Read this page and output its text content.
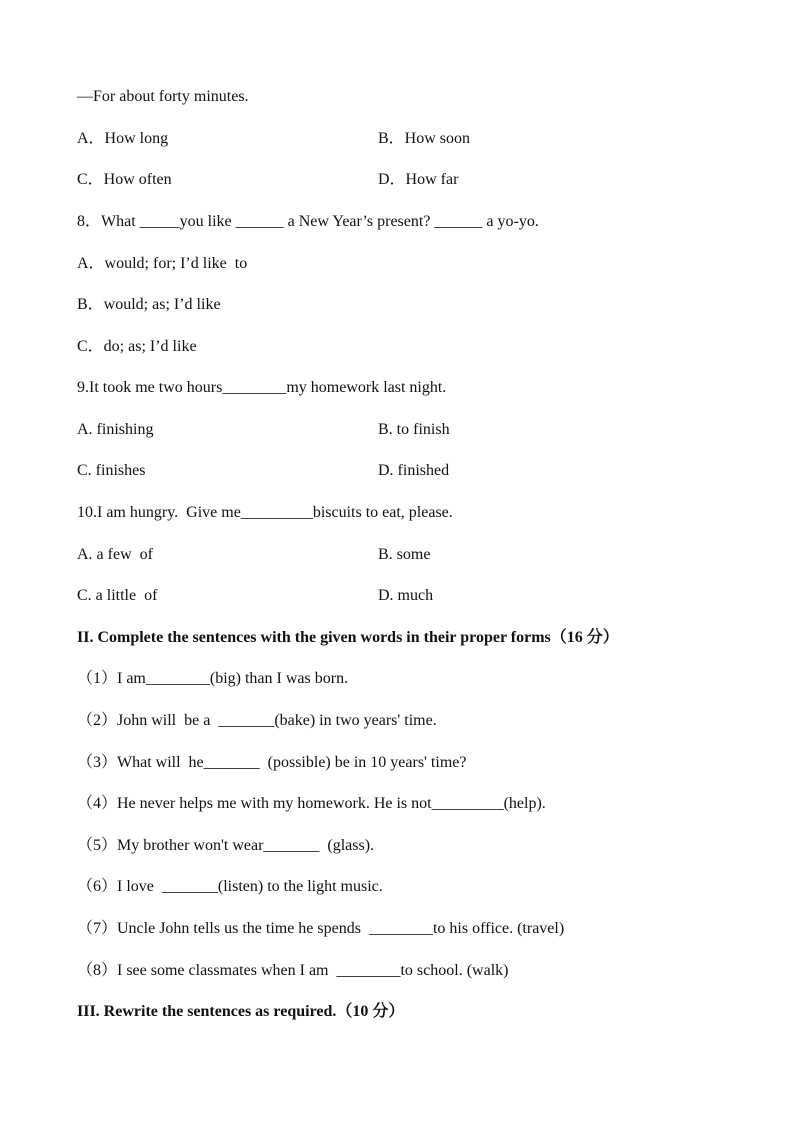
—For about forty minutes.
A．How long	B．How soon
C．How often	D．How far
8．What _____you like ______ a New Year’s present? ______ a yo-yo.
A．would; for; I’d like  to
B．would; as; I’d like
C．do; as; I’d like
9.It took me two hours________my homework last night.
A. finishing	B. to finish
C. finishes	D. finished
10.I am hungry.  Give me_________biscuits to eat, please.
A. a few  of	B. some
C. a little  of	D. much
II. Complete the sentences with the given words in their proper forms（16 分）
（1）I am________(big) than I was born.
（2）John will  be a  _______(bake) in two years' time.
（3）What will  he_______  (possible) be in 10 years' time?
（4）He never helps me with my homework. He is not_________(help).
（5）My brother won't wear_______  (glass).
（6）I love  _______(listen) to the light music.
（7）Uncle John tells us the time he spends  ________to his office. (travel)
（8）I see some classmates when I am  ________to school. (walk)
III. Rewrite the sentences as required.（10 分）
